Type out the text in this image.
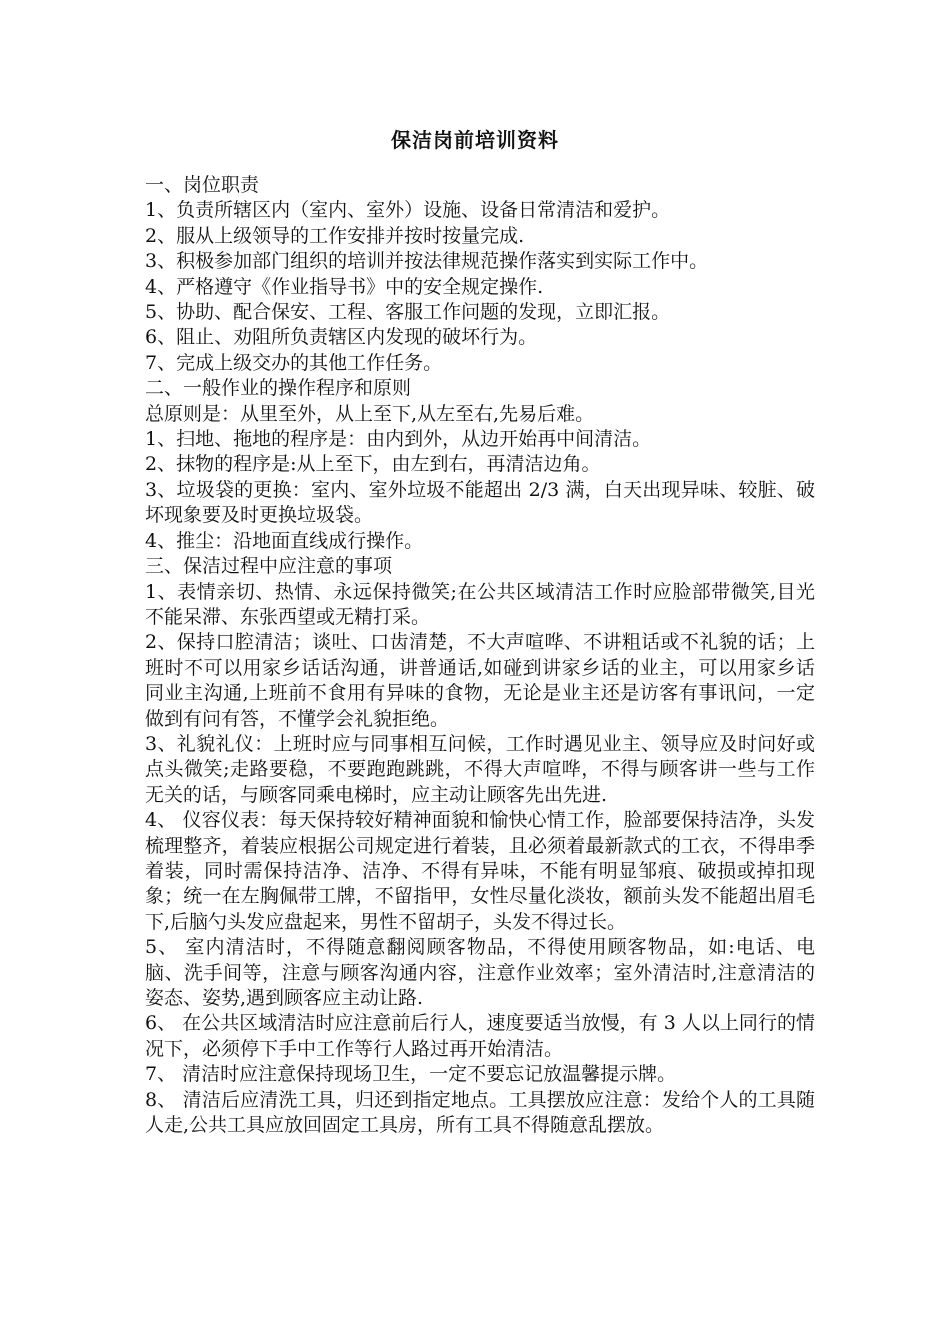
保洁岗前培训资料

一、岗位职责

1、负责所辖区内（室内、室外）设施、设备日常清洁和爱护。

2、服从上级领导的工作安排并按时按量完成.

3、积极参加部门组织的培训并按法律规范操作落实到实际工作中。

4、严格遵守《作业指导书》中的安全规定操作.

5、协助、配合保安、工程、客服工作问题的发现，立即汇报。

6、阻止、劝阻所负责辖区内发现的破坏行为。

7、完成上级交办的其他工作任务。

二、一般作业的操作程序和原则

总原则是：从里至外，从上至下,从左至右,先易后难。

1、扫地、拖地的程序是：由内到外，从边开始再中间清洁。

2、抹物的程序是:从上至下，由左到右，再清洁边角。

3、垃圾袋的更换：室内、室外垃圾不能超出 2/3 满，白天出现异味、较脏、破坏现象要及时更换垃圾袋。

4、推尘：沿地面直线成行操作。

三、保洁过程中应注意的事项

1、表情亲切、热情、永远保持微笑;在公共区域清洁工作时应脸部带微笑,目光不能呆滞、东张西望或无精打采。

2、保持口腔清洁；谈吐、口齿清楚，不大声喧哗、不讲粗话或不礼貌的话；上班时不可以用家乡话话沟通，讲普通话,如碰到讲家乡话的业主，可以用家乡话同业主沟通,上班前不食用有异味的食物，无论是业主还是访客有事讯问，一定做到有问有答，不懂学会礼貌拒绝。

3、礼貌礼仪：上班时应与同事相互问候，工作时遇见业主、领导应及时问好或点头微笑;走路要稳，不要跑跑跳跳，不得大声喧哗，不得与顾客讲一些与工作无关的话，与顾客同乘电梯时，应主动让顾客先出先进.

4、 仪容仪表：每天保持较好精神面貌和愉快心情工作，脸部要保持洁净，头发梳理整齐，着装应根据公司规定进行着装，且必须着最新款式的工衣，不得串季着装，同时需保持洁净、洁净、不得有异味，不能有明显邹痕、破损或掉扣现象；统一在左胸佩带工牌，不留指甲，女性尽量化淡妆，额前头发不能超出眉毛下,后脑勺头发应盘起来，男性不留胡子，头发不得过长。

5、 室内清洁时，不得随意翻阅顾客物品，不得使用顾客物品，如:电话、电脑、洗手间等，注意与顾客沟通内容，注意作业效率；室外清洁时,注意清洁的姿态、姿势,遇到顾客应主动让路.

6、 在公共区域清洁时应注意前后行人，速度要适当放慢，有 3 人以上同行的情况下，必须停下手中工作等行人路过再开始清洁。

7、 清洁时应注意保持现场卫生，一定不要忘记放温馨提示牌。

8、 清洁后应清洗工具，归还到指定地点。工具摆放应注意：发给个人的工具随人走,公共工具应放回固定工具房，所有工具不得随意乱摆放。
